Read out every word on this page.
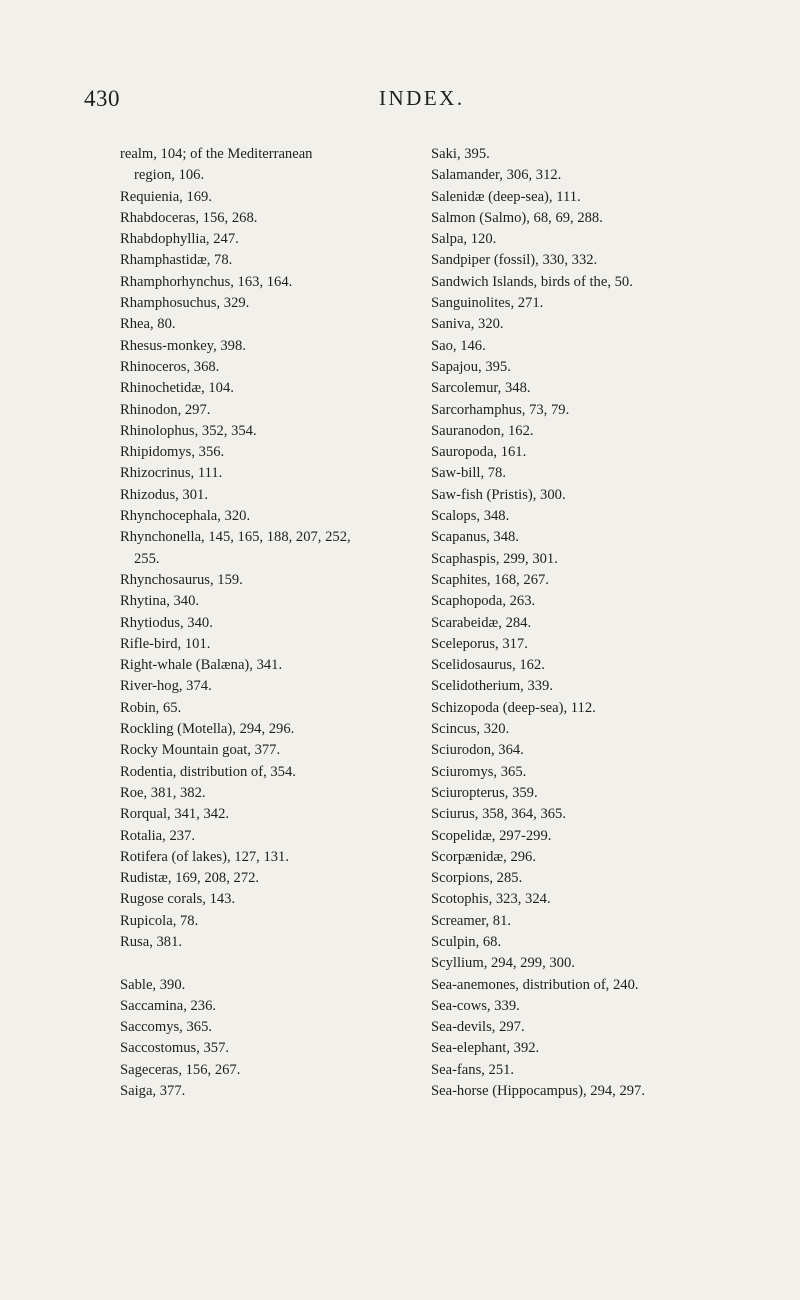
430	INDEX.
realm, 104; of the Mediterranean
region, 106.
Requienia, 169.
Rhabdoceras, 156, 268.
Rhabdophyllia, 247.
Rhamphastidæ, 78.
Rhamphorhynchus, 163, 164.
Rhamphosuchus, 329.
Rhea, 80.
Rhesus-monkey, 398.
Rhinoceros, 368.
Rhinochetidæ, 104.
Rhinodon, 297.
Rhinolophus, 352, 354.
Rhipidomys, 356.
Rhizocrinus, 111.
Rhizodus, 301.
Rhynchocephala, 320.
Rhynchonella, 145, 165, 188, 207, 252,
255.
Rhynchosaurus, 159.
Rhytina, 340.
Rhytiodus, 340.
Rifle-bird, 101.
Right-whale (Balæna), 341.
River-hog, 374.
Robin, 65.
Rockling (Motella), 294, 296.
Rocky Mountain goat, 377.
Rodentia, distribution of, 354.
Roe, 381, 382.
Rorqual, 341, 342.
Rotalia, 237.
Rotifera (of lakes), 127, 131.
Rudistæ, 169, 208, 272.
Rugose corals, 143.
Rupicola, 78.
Rusa, 381.
Sable, 390.
Saccamina, 236.
Saccomys, 365.
Saccostomus, 357.
Sageceras, 156, 267.
Saiga, 377.
Saki, 395.
Salamander, 306, 312.
Salenidæ (deep-sea), 111.
Salmon (Salmo), 68, 69, 288.
Salpa, 120.
Sandpiper (fossil), 330, 332.
Sandwich Islands, birds of the, 50.
Sanguinolites, 271.
Saniva, 320.
Sao, 146.
Sapajou, 395.
Sarcolemur, 348.
Sarcorhamphus, 73, 79.
Sauranodon, 162.
Sauropoda, 161.
Saw-bill, 78.
Saw-fish (Pristis), 300.
Scalops, 348.
Scapanus, 348.
Scaphaspis, 299, 301.
Scaphites, 168, 267.
Scaphopoda, 263.
Scarabeidæ, 284.
Sceleporus, 317.
Scelidosaurus, 162.
Scelidotherium, 339.
Schizopoda (deep-sea), 112.
Scincus, 320.
Sciurodon, 364.
Sciuromys, 365.
Sciuropterus, 359.
Sciurus, 358, 364, 365.
Scopelidæ, 297-299.
Scorpænidæ, 296.
Scorpions, 285.
Scotophis, 323, 324.
Screamer, 81.
Sculpin, 68.
Scyllium, 294, 299, 300.
Sea-anemones, distribution of, 240.
Sea-cows, 339.
Sea-devils, 297.
Sea-elephant, 392.
Sea-fans, 251.
Sea-horse (Hippocampus), 294, 297.
